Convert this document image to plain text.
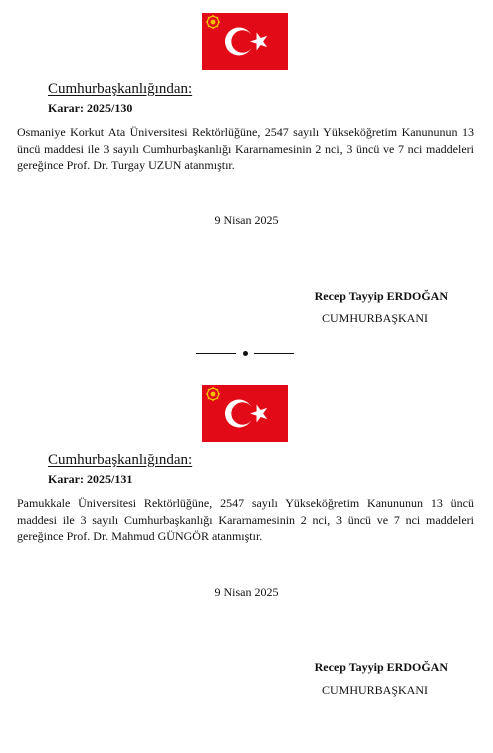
Cumhurbaşkanlığından:
Karar: 2025/130

Osmaniye Korkut Ata Üniversitesi Rektörlüğüne, 2547 sayılı Yükseköğretim Kanununun 13 üncü maddesi ile 3 sayılı Cumhurbaşkanlığı Kararnamesinin 2 nci, 3 üncü ve 7 nci maddeleri gereğince Prof. Dr. Turgay UZUN atanmıştır.

9 Nisan 2025
Recep Tayyip ERDOĞAN
CUMHURBAŞKANI
Cumhurbaşkanlığından:
Karar: 2025/131

Pamukkale Üniversitesi Rektörlüğüne, 2547 sayılı Yükseköğretim Kanununun 13 üncü maddesi ile 3 sayılı Cumhurbaşkanlığı Kararnamesinin 2 nci, 3 üncü ve 7 nci maddeleri gereğince Prof. Dr. Mahmud GÜNGÖR atanmıştır.

9 Nisan 2025
Recep Tayyip ERDOĞAN
CUMHURBAŞKANI
